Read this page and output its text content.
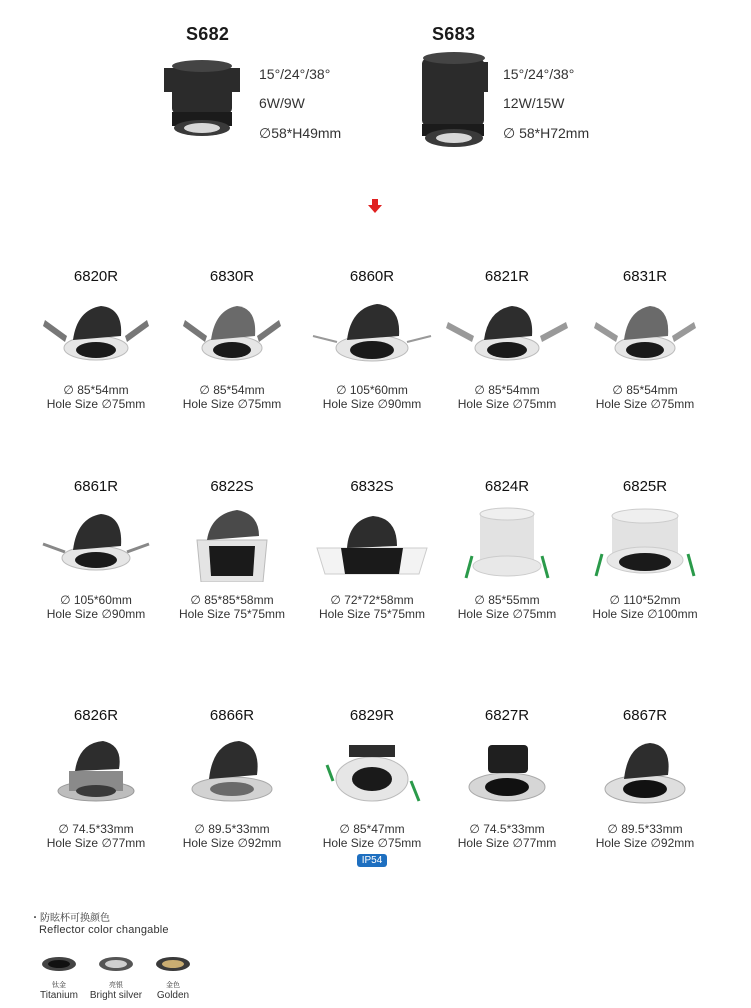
S682
15°/24°/38°
6W/9W
∅58*H49mm
S683
15°/24°/38°
12W/15W
∅ 58*H72mm
6820R
∅ 85*54mm
Hole Size ∅75mm
6830R
∅ 85*54mm
Hole Size ∅75mm
6860R
∅ 105*60mm
Hole Size ∅90mm
6821R
∅ 85*54mm
Hole Size ∅75mm
6831R
∅ 85*54mm
Hole Size ∅75mm
6861R
∅ 105*60mm
Hole Size ∅90mm
6822S
∅ 85*85*58mm
Hole Size 75*75mm
6832S
∅ 72*72*58mm
Hole Size 75*75mm
6824R
∅ 85*55mm
Hole Size ∅75mm
6825R
∅ 110*52mm
Hole Size ∅100mm
6826R
∅ 74.5*33mm
Hole Size ∅77mm
6866R
∅ 89.5*33mm
Hole Size ∅92mm
6829R
∅ 85*47mm
Hole Size ∅75mm
IP54
6827R
∅ 74.5*33mm
Hole Size ∅77mm
6867R
∅ 89.5*33mm
Hole Size ∅92mm
・防眩杯可换颜色
Reflector color changable
钛金
Titanium
亮银
Bright silver
金色
Golden
